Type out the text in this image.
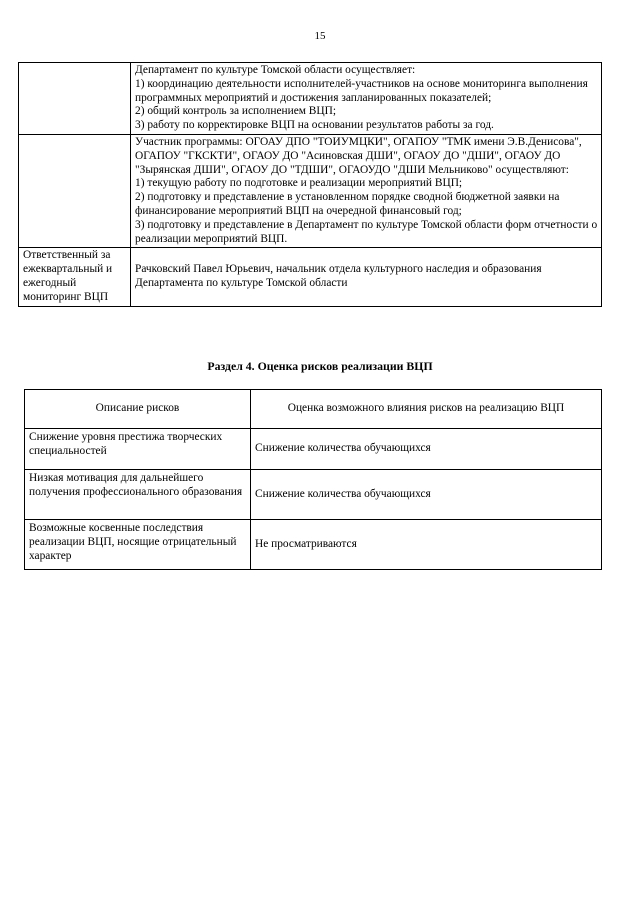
15

	Департамент по культуре Томской области осуществляет:
1) координацию деятельности исполнителей-участников на основе мониторинга выполнения программных мероприятий и достижения запланированных показателей;
2) общий контроль за исполнением ВЦП;
3) работу по корректировке ВЦП на основании результатов работы за год.

	Участник программы: ОГОАУ ДПО "ТОИУМЦКИ", ОГАПОУ "ТМК имени Э.В.Денисова", ОГАПОУ "ГКСКТИ", ОГАОУ ДО "Асиновская ДШИ", ОГАОУ ДО "ДШИ", ОГАОУ ДО "Зырянская ДШИ", ОГАОУ ДО "ТДШИ", ОГАОУДО "ДШИ Мельниково" осуществляют:
1) текущую работу по подготовке и реализации мероприятий ВЦП;
2) подготовку и представление в установленном порядке сводной бюджетной заявки на финансирование мероприятий ВЦП на очередной финансовый год;
3) подготовку и представление в Департамент по культуре Томской области форм отчетности о реализации мероприятий ВЦП.

Ответственный за ежеквартальный и ежегодный мониторинг ВЦП	Рачковский Павел Юрьевич, начальник отдела культурного наследия и образования Департамента по культуре Томской области
Раздел 4. Оценка рисков реализации ВЦП
Описание рисков	Оценка возможного влияния рисков на реализацию ВЦП
Снижение уровня престижа творческих специальностей	Снижение количества обучающихся
Низкая мотивация для дальнейшего получения профессионального образования	Снижение количества обучающихся
Возможные косвенные последствия реализации ВЦП, носящие отрицательный характер	Не просматриваются
